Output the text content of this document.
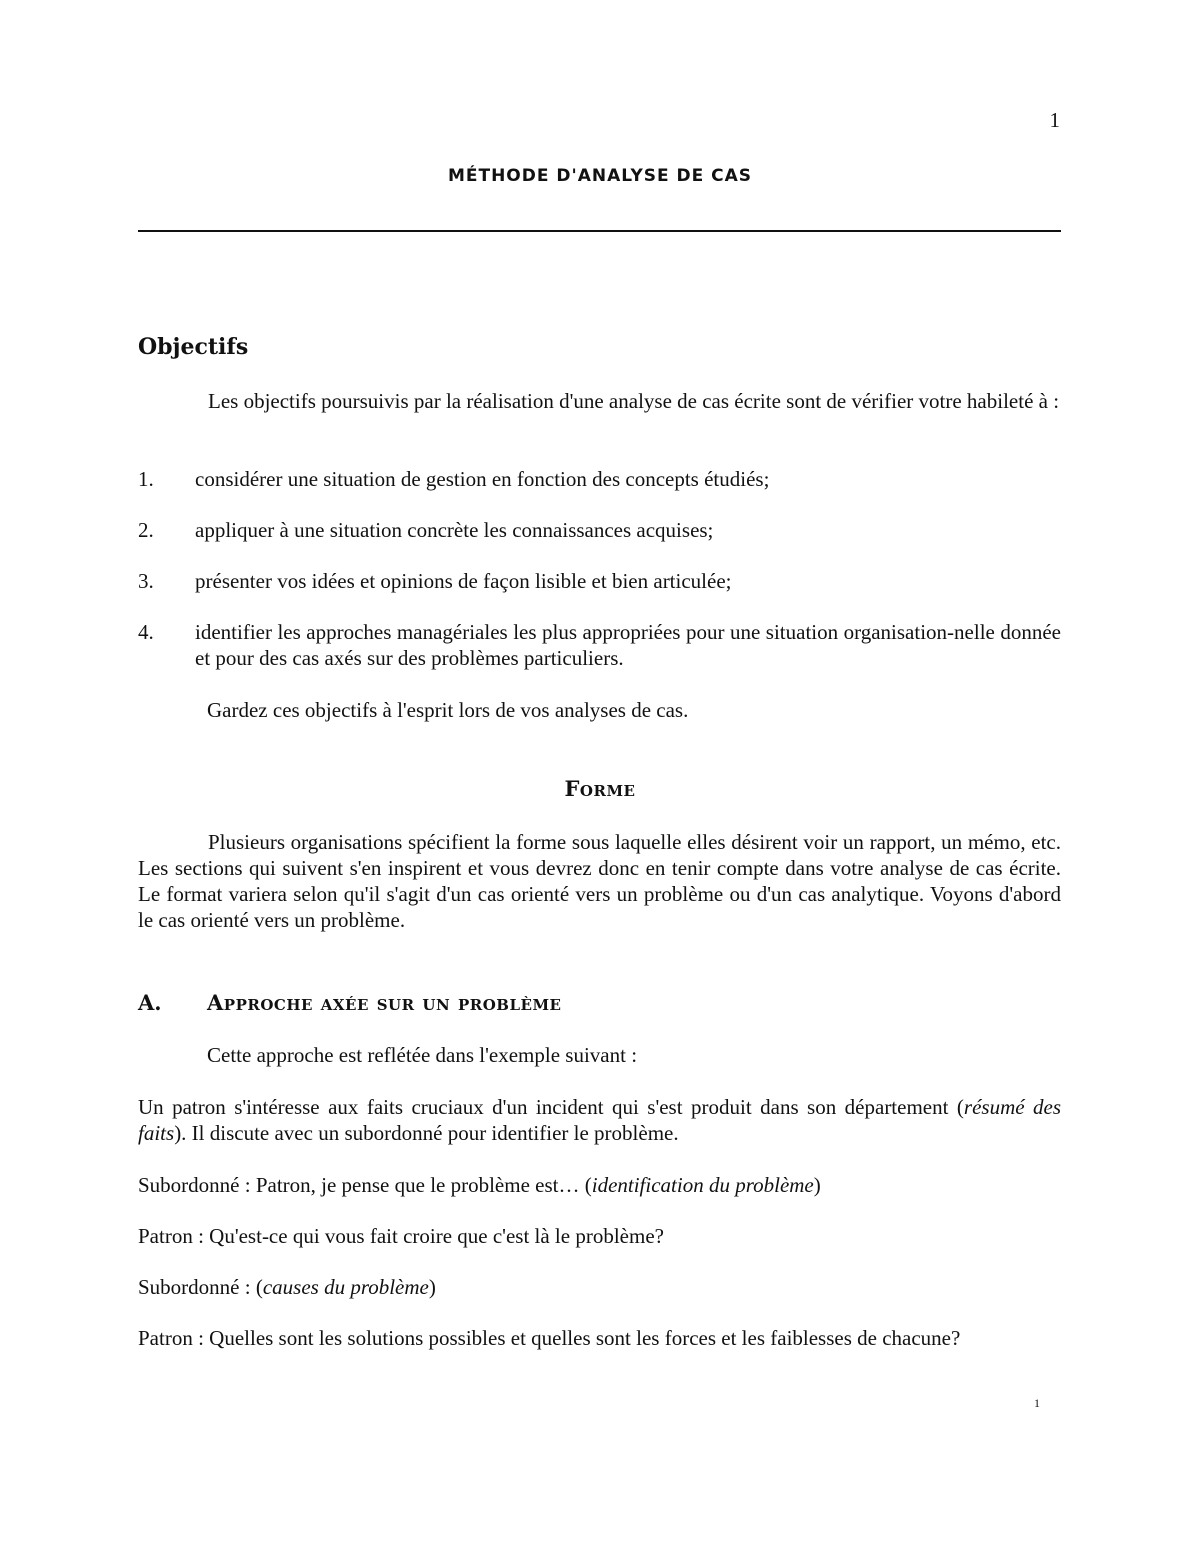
1
MÉTHODE D'ANALYSE DE CAS
Objectifs
Les objectifs poursuivis par la réalisation d'une analyse de cas écrite sont de vérifier votre habileté à :
1. considérer une situation de gestion en fonction des concepts étudiés;
2. appliquer à une situation concrète les connaissances acquises;
3. présenter vos idées et opinions de façon lisible et bien articulée;
4. identifier les approches managériales les plus appropriées pour une situation organisation-nelle donnée et pour des cas axés sur des problèmes particuliers.
Gardez ces objectifs à l'esprit lors de vos analyses de cas.
Forme
Plusieurs organisations spécifient la forme sous laquelle elles désirent voir un rapport, un mémo, etc. Les sections qui suivent s'en inspirent et vous devrez donc en tenir compte dans votre analyse de cas écrite. Le format variera selon qu'il s'agit d'un cas orienté vers un problème ou d'un cas analytique. Voyons d'abord le cas orienté vers un problème.
A. Approche axée sur un problème
Cette approche est reflétée dans l'exemple suivant :
Un patron s'intéresse aux faits cruciaux d'un incident qui s'est produit dans son département (résumé des faits). Il discute avec un subordonné pour identifier le problème.
Subordonné : Patron, je pense que le problème est… (identification du problème)
Patron : Qu'est-ce qui vous fait croire que c'est là le problème?
Subordonné : (causes du problème)
Patron : Quelles sont les solutions possibles et quelles sont les forces et les faiblesses de chacune?
1
